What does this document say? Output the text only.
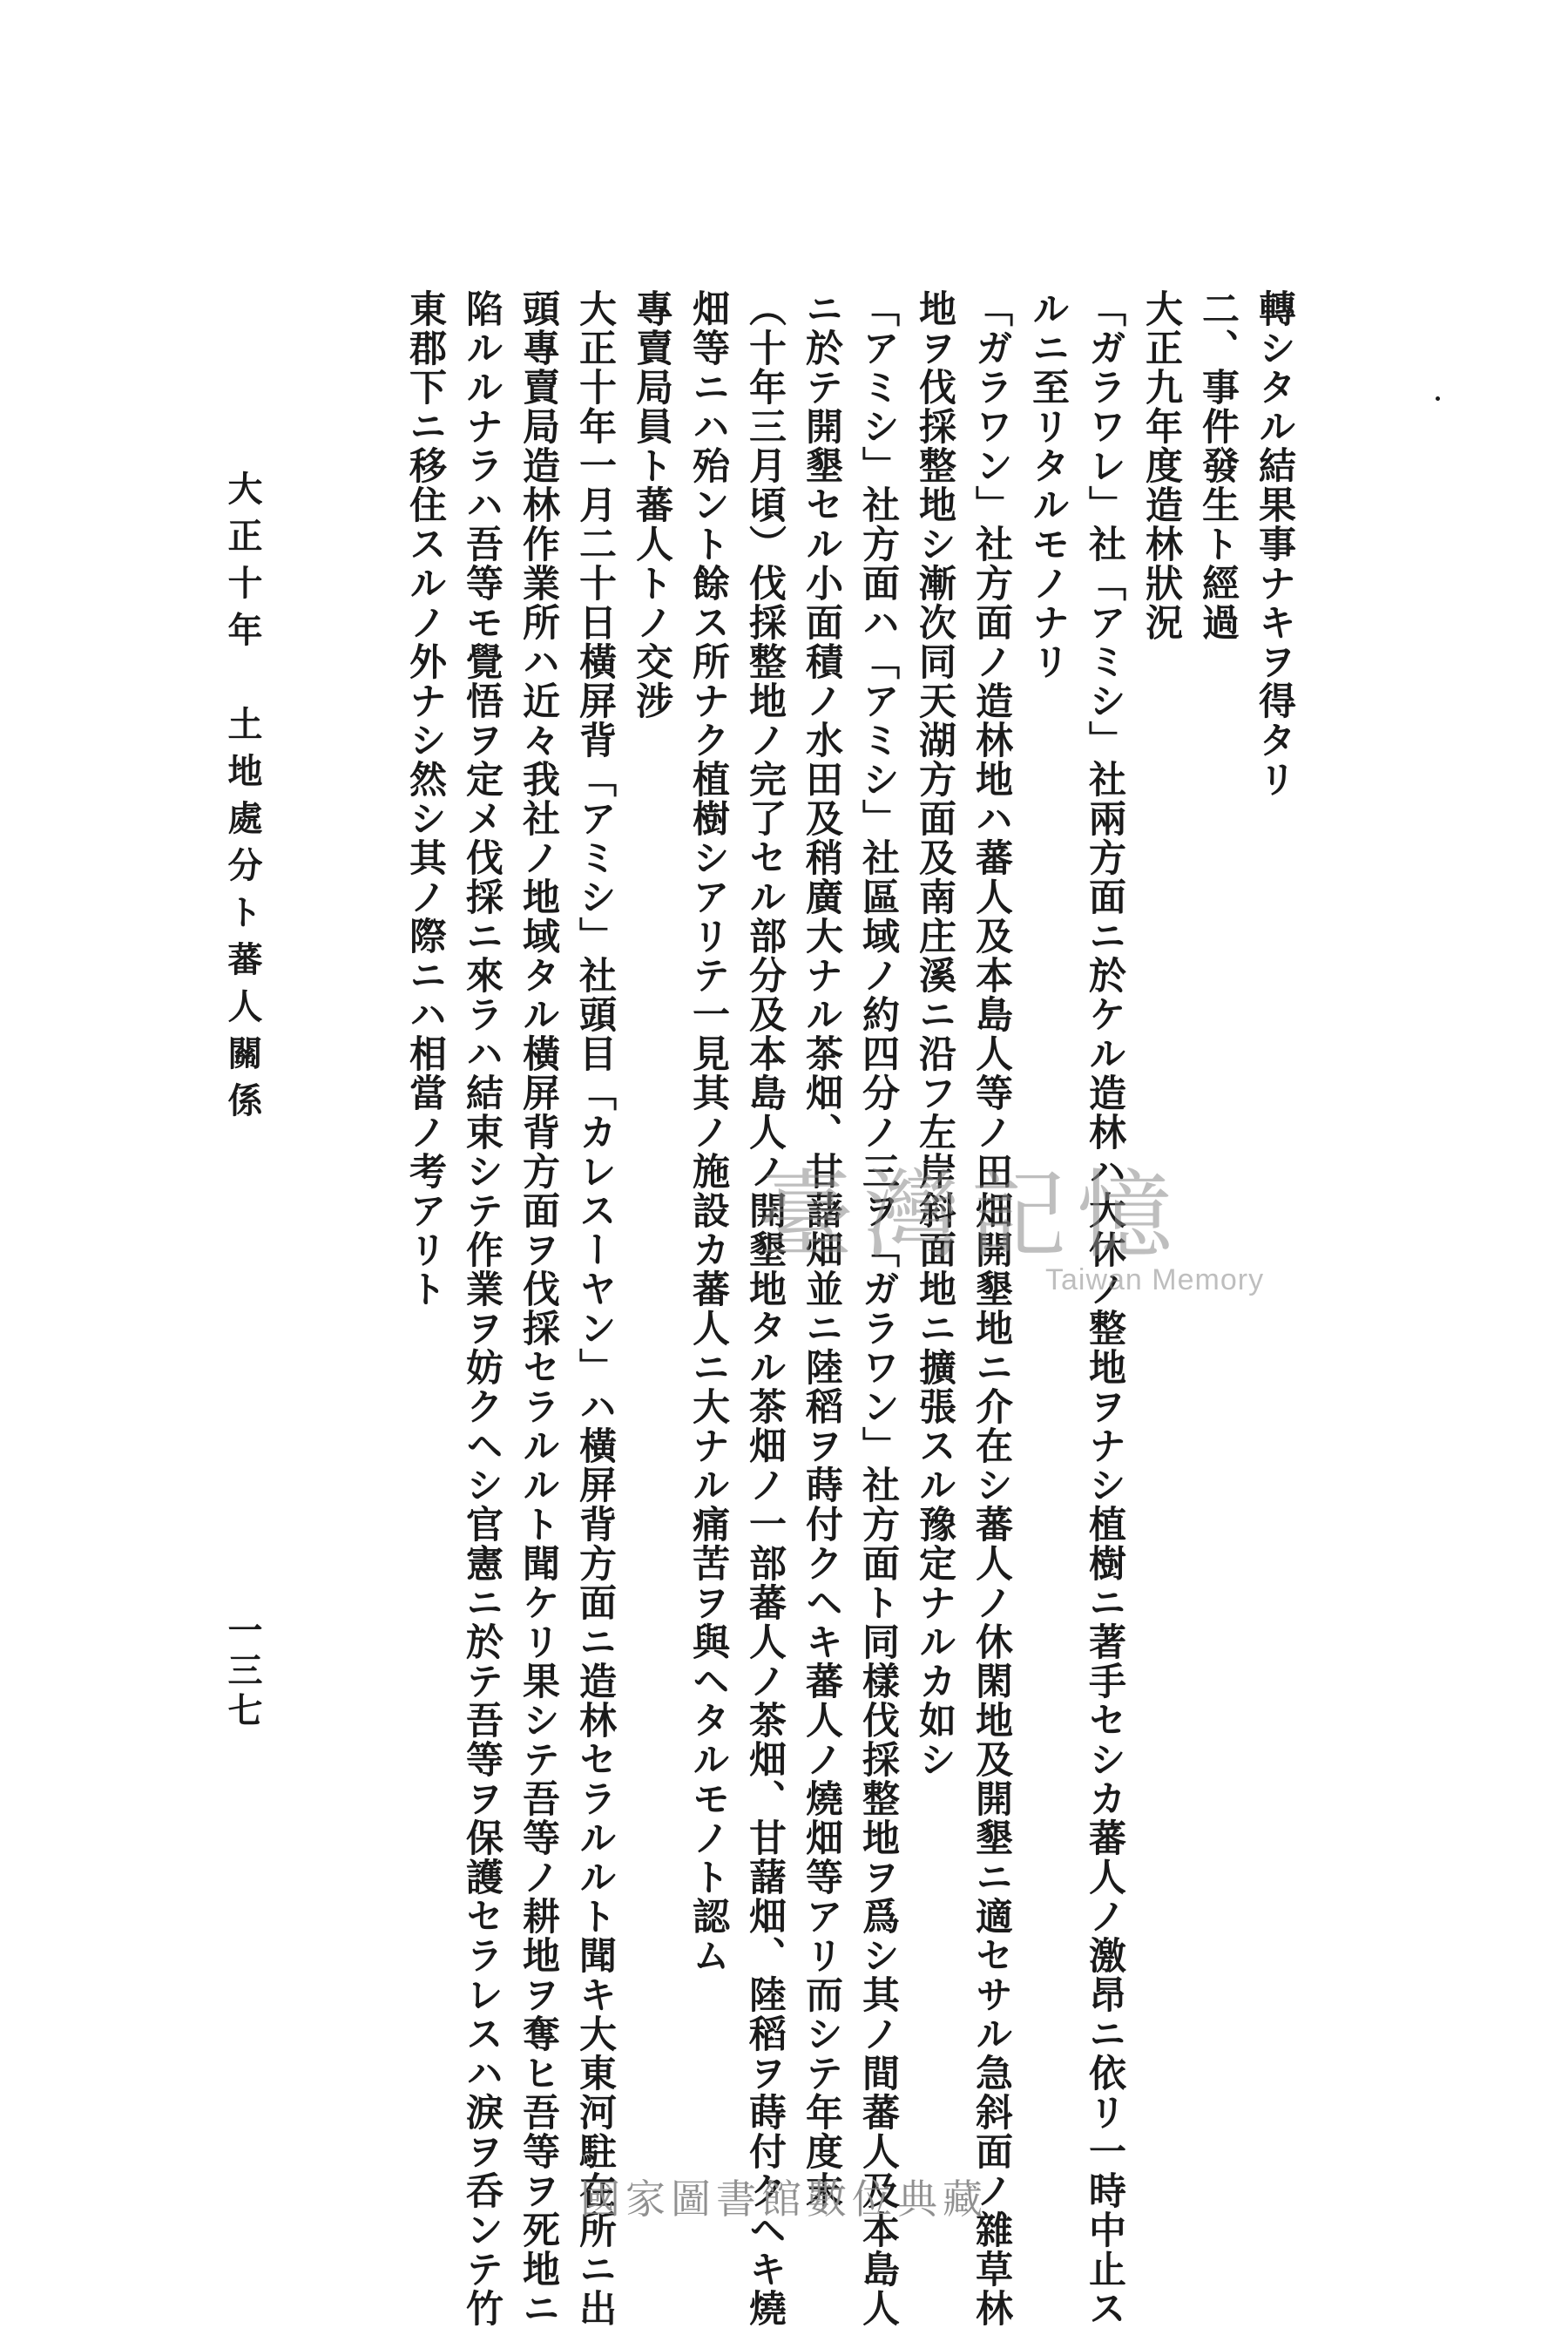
轉シタル結果事ナキヲ得タリ
二、事件發生ト經過
大正九年度造林狀況
「ガラワレ」社「アミシ」社兩方面ニ於ケル造林ハ大休ノ整地ヲナシ植樹ニ著手セシカ蕃人ノ激昂ニ依リ一時中止ス
ルニ至リタルモノナリ
「ガラワン」社方面ノ造林地ハ蕃人及本島人等ノ田畑開墾地ニ介在シ蕃人ノ休閑地及開墾ニ適セサル急斜面ノ雜草林
地ヲ伐採整地シ漸次同天湖方面及南庄溪ニ沿フ左岸斜面地ニ擴張スル豫定ナルカ如シ
「アミシ」社方面ハ「アミシ」社區域ノ約四分ノ三ヲ「ガラワン」社方面ト同樣伐採整地ヲ爲シ其ノ間蕃人及本島人
ニ於テ開墾セル小面積ノ水田及稍廣大ナル茶畑、甘藷畑並ニ陸稻ヲ蒔付クヘキ蕃人ノ燒畑等アリ而シテ年度末
（十年三月頃）伐採整地ノ完了セル部分及本島人ノ開墾地タル茶畑ノ一部蕃人ノ茶畑、甘藷畑、陸稻ヲ蒔付クヘキ燒
畑等ニハ殆ント餘ス所ナク植樹シアリテ一見其ノ施設カ蕃人ニ大ナル痛苦ヲ與ヘタルモノト認ム
專賣局員ト蕃人トノ交涉
大正十年一月二十日橫屏背「アミシ」社頭目「カレスーヤン」ハ橫屏背方面ニ造林セラルルト聞キ大東河駐在所ニ出
頭專賣局造林作業所ハ近々我社ノ地域タル橫屏背方面ヲ伐採セラルルト聞ケリ果シテ吾等ノ耕地ヲ奪ヒ吾等ヲ死地ニ
陷ルルナラハ吾等モ覺悟ヲ定メ伐採ニ來ラハ結束シテ作業ヲ妨クヘシ官憲ニ於テ吾等ヲ保護セラレスハ淚ヲ呑ンテ竹
東郡下ニ移住スルノ外ナシ然シ其ノ際ニハ相當ノ考アリト
大正十年　土地處分ト蕃人關係
一三七
臺灣記憶
Taiwan Memory
國家圖書館數位典藏
